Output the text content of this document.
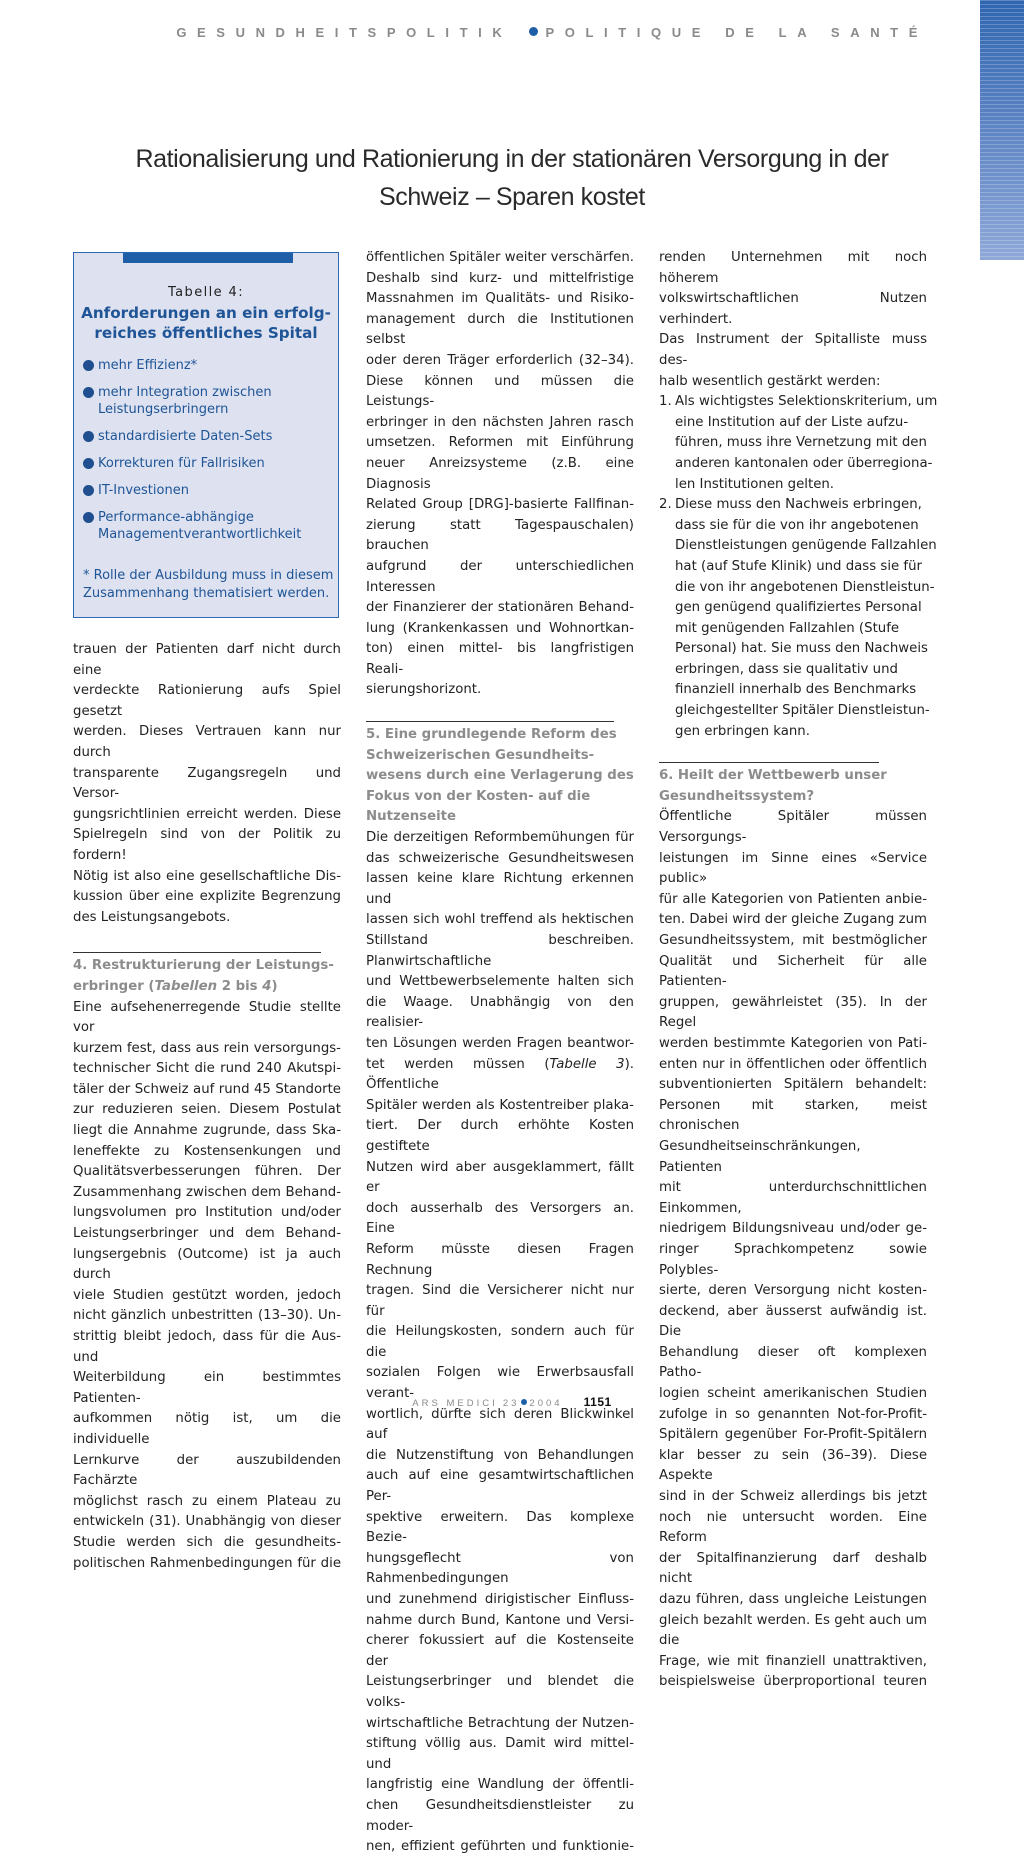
GESUNDHEITSPOLITIK	POLITIQUE DE LA SANTÉ
Rationalisierung und Rationierung in der stationären Versorgung in der
Schweiz – Sparen kostet
Tabelle 4:
Anforderungen an ein erfolg-
reiches öffentliches Spital
mehr Effizienz*
mehr Integration zwischen
Leistungserbringern
standardisierte Daten-Sets
Korrekturen für Fallrisiken
IT-Investionen
Performance-abhängige
Managementverantwortlichkeit
* Rolle der Ausbildung muss in diesem
Zusammenhang thematisiert werden.

trauen der Patienten darf nicht durch eine

verdeckte Rationierung aufs Spiel gesetzt

werden. Dieses Vertrauen kann nur durch

transparente Zugangsregeln und Versor-

gungsrichtlinien erreicht werden. Diese

Spielregeln sind von der Politik zu fordern!

Nötig ist also eine gesellschaftliche Dis-

kussion über eine explizite Begrenzung

des Leistungsangebots.

4. Restrukturierung der Leistungs-
erbringer (Tabellen 2 bis 4)

Eine aufsehenerregende Studie stellte vor

kurzem fest, dass aus rein versorgungs-

technischer Sicht die rund 240 Akutspi-

täler der Schweiz auf rund 45 Standorte

zur reduzieren seien. Diesem Postulat

liegt die Annahme zugrunde, dass Ska-

leneffekte zu Kostensenkungen und

Qualitätsverbesserungen führen. Der

Zusammenhang zwischen dem Behand-

lungsvolumen pro Institution und/oder

Leistungserbringer und dem Behand-

lungsergebnis (Outcome) ist ja auch durch

viele Studien gestützt worden, jedoch

nicht gänzlich unbestritten (13–30). Un-

strittig bleibt jedoch, dass für die Aus- und

Weiterbildung ein bestimmtes Patienten-

aufkommen nötig ist, um die individuelle

Lernkurve der auszubildenden Fachärzte

möglichst rasch zu einem Plateau zu

entwickeln (31). Unabhängig von dieser

Studie werden sich die gesundheits-

politischen Rahmenbedingungen für die

öffentlichen Spitäler weiter verschärfen.

Deshalb sind kurz- und mittelfristige

Massnahmen im Qualitäts- und Risiko-

management durch die Institutionen selbst

oder deren Träger erforderlich (32–34).

Diese können und müssen die Leistungs-

erbringer in den nächsten Jahren rasch

umsetzen. Reformen mit Einführung

neuer Anreizsysteme (z.B. eine Diagnosis

Related Group [DRG]-basierte Fallfinan-

zierung statt Tagespauschalen) brauchen

aufgrund der unterschiedlichen Interessen

der Finanzierer der stationären Behand-

lung (Krankenkassen und Wohnortkan-

ton) einen mittel- bis langfristigen Reali-

sierungshorizont.

5. Eine grundlegende Reform des
Schweizerischen Gesundheits-
wesens durch eine Verlagerung des
Fokus von der Kosten- auf die
Nutzenseite

Die derzeitigen Reformbemühungen für

das schweizerische Gesundheitswesen

lassen keine klare Richtung erkennen und

lassen sich wohl treffend als hektischen

Stillstand beschreiben. Planwirtschaftliche

und Wettbewerbselemente halten sich

die Waage. Unabhängig von den realisier-

ten Lösungen werden Fragen beantwor-

tet werden müssen (Tabelle 3). Öffentliche

Spitäler werden als Kostentreiber plaka-

tiert. Der durch erhöhte Kosten gestiftete

Nutzen wird aber ausgeklammert, fällt er

doch ausserhalb des Versorgers an. Eine

Reform müsste diesen Fragen Rechnung

tragen. Sind die Versicherer nicht nur für

die Heilungskosten, sondern auch für die

sozialen Folgen wie Erwerbsausfall verant-

wortlich, dürfte sich deren Blickwinkel auf

die Nutzenstiftung von Behandlungen

auch auf eine gesamtwirtschaftlichen Per-

spektive erweitern. Das komplexe Bezie-

hungsgeflecht von Rahmenbedingungen

und zunehmend dirigistischer Einfluss-

nahme durch Bund, Kantone und Versi-

cherer fokussiert auf die Kostenseite der

Leistungserbringer und blendet die volks-

wirtschaftliche Betrachtung der Nutzen-

stiftung völlig aus. Damit wird mittel- und

langfristig eine Wandlung der öffentli-

chen Gesundheitsdienstleister zu moder-

nen, effizient geführten und funktionie-

renden Unternehmen mit noch höherem

volkswirtschaftlichen Nutzen verhindert.

Das Instrument der Spitalliste muss des-

halb wesentlich gestärkt werden:

1. Als wichtigstes Selektionskriterium, um

eine Institution auf der Liste aufzu-

führen, muss ihre Vernetzung mit den

anderen kantonalen oder überregiona-

len Institutionen gelten.

2. Diese muss den Nachweis erbringen,

dass sie für die von ihr angebotenen

Dienstleistungen genügende Fallzahlen

hat (auf Stufe Klinik) und dass sie für

die von ihr angebotenen Dienstleistun-

gen genügend qualifiziertes Personal

mit genügenden Fallzahlen (Stufe

Personal) hat. Sie muss den Nachweis

erbringen, dass sie qualitativ und

finanziell innerhalb des Benchmarks

gleichgestellter Spitäler Dienstleistun-

gen erbringen kann.

6. Heilt der Wettbewerb unser
Gesundheitssystem?

Öffentliche Spitäler müssen Versorgungs-

leistungen im Sinne eines «Service public»

für alle Kategorien von Patienten anbie-

ten. Dabei wird der gleiche Zugang zum

Gesundheitssystem, mit bestmöglicher

Qualität und Sicherheit für alle Patienten-

gruppen, gewährleistet (35). In der Regel

werden bestimmte Kategorien von Pati-

enten nur in öffentlichen oder öffentlich

subventionierten Spitälern behandelt:

Personen mit starken, meist chronischen

Gesundheitseinschränkungen, Patienten

mit unterdurchschnittlichen Einkommen,

niedrigem Bildungsniveau und/oder ge-

ringer Sprachkompetenz sowie Polybles-

sierte, deren Versorgung nicht kosten-

deckend, aber äusserst aufwändig ist. Die

Behandlung dieser oft komplexen Patho-

logien scheint amerikanischen Studien

zufolge in so genannten Not-for-Profit-

Spitälern gegenüber For-Profit-Spitälern

klar besser zu sein (36–39). Diese Aspekte

sind in der Schweiz allerdings bis jetzt

noch nie untersucht worden. Eine Reform

der Spitalfinanzierung darf deshalb nicht

dazu führen, dass ungleiche Leistungen

gleich bezahlt werden. Es geht auch um die

Frage, wie mit finanziell unattraktiven,

beispielsweise überproportional teuren

ARS MEDICI 23 2004 1151
